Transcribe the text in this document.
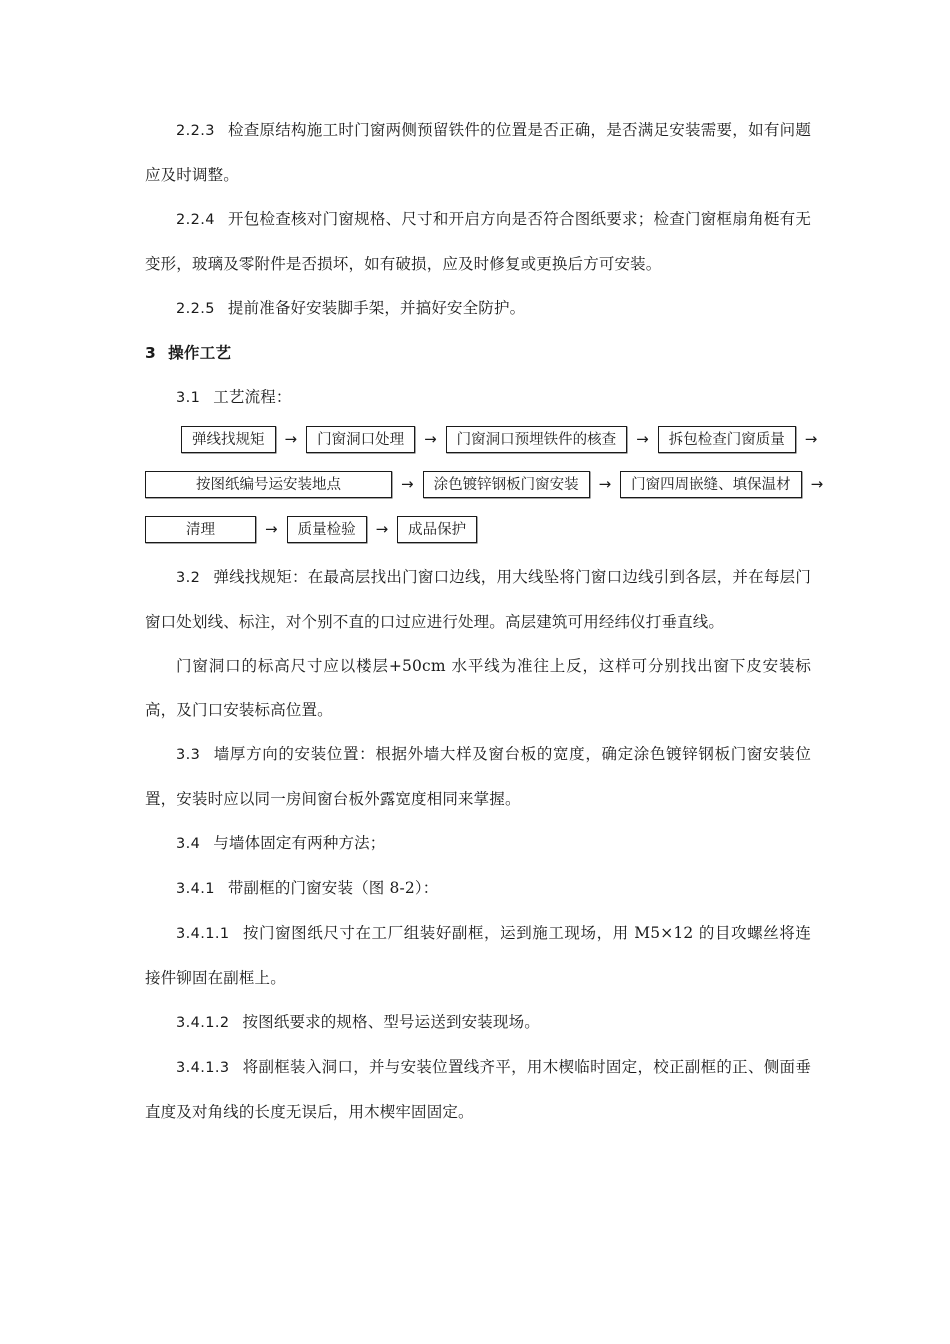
2.2.3 检查原结构施工时门窗两侧预留铁件的位置是否正确，是否满足安装需要，如有问题应及时调整。

2.2.4 开包检查核对门窗规格、尺寸和开启方向是否符合图纸要求；检查门窗框扇角梃有无变形，玻璃及零附件是否损坏，如有破损，应及时修复或更换后方可安装。

2.2.5 提前准备好安装脚手架，并搞好安全防护。

3 操作工艺

3.1 工艺流程：

弹线找规矩	→	门窗洞口处理	→	门窗洞口预埋铁件的核查	→	拆包检查门窗质量	→
按图纸编号运安装地点	→	涂色镀锌钢板门窗安装	→	门窗四周嵌缝、填保温材	→
清理	→	质量检验	→	成品保护

3.2 弹线找规矩：在最高层找出门窗口边线，用大线坠将门窗口边线引到各层，并在每层门窗口处划线、标注，对个别不直的口过应进行处理。高层建筑可用经纬仪打垂直线。

门窗洞口的标高尺寸应以楼层+50cm 水平线为准往上反，这样可分别找出窗下皮安装标高，及门口安装标高位置。

3.3 墙厚方向的安装位置：根据外墙大样及窗台板的宽度，确定涂色镀锌钢板门窗安装位置，安装时应以同一房间窗台板外露宽度相同来掌握。

3.4 与墙体固定有两种方法；

3.4.1 带副框的门窗安装（图 8-2）：

3.4.1.1 按门窗图纸尺寸在工厂组装好副框，运到施工现场，用 M5×12 的目攻螺丝将连接件铆固在副框上。

3.4.1.2 按图纸要求的规格、型号运送到安装现场。

3.4.1.3 将副框装入洞口，并与安装位置线齐平，用木楔临时固定，校正副框的正、侧面垂直度及对角线的长度无误后，用木楔牢固固定。
